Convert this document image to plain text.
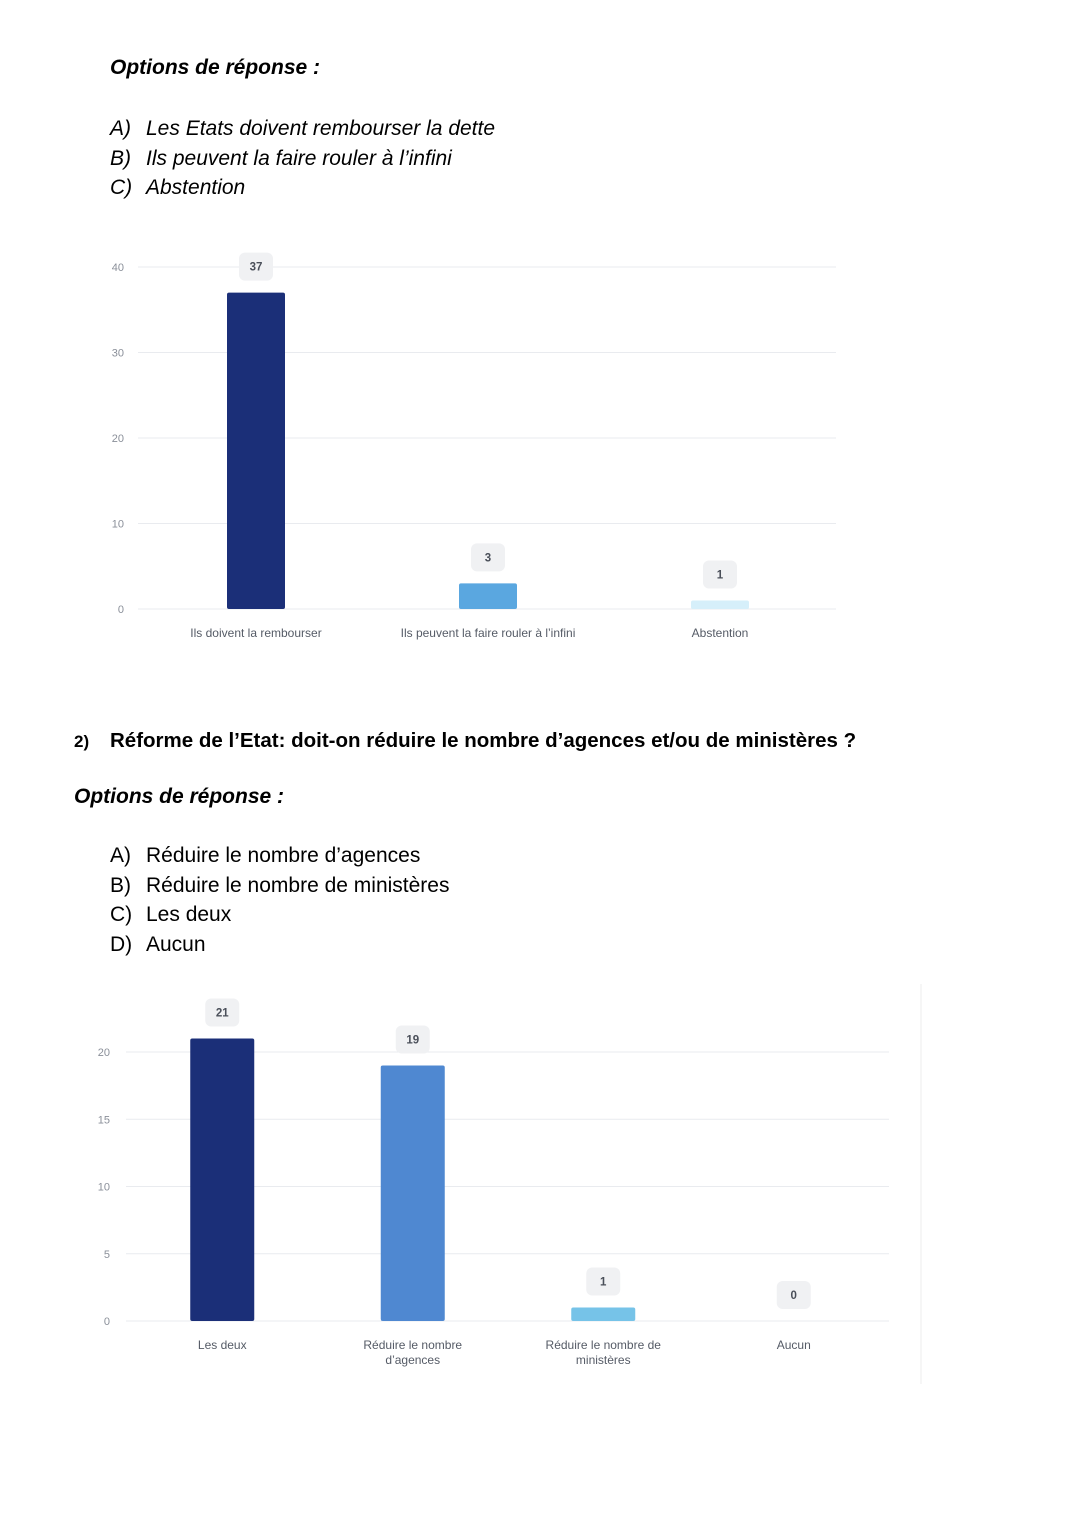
Options de réponse :

A) Les Etats doivent rembourser la dette
B) Ils peuvent la faire rouler à l’infini
C) Abstention
0
10
20
30
40	37
Ils doivent la rembourser
3
Ils peuvent la faire rouler à l’infini
1
Abstention

2) Réforme de l’Etat: doit-on réduire le nombre d’agences et/ou de ministères ?

Options de réponse :

A) Réduire le nombre d’agences
B) Réduire le nombre de ministères
C) Les deux
D) Aucun
0
5
10
15
20
21
Les deux
19
Réduire le nombre d’agences
1
Réduire le nombre de ministères
0
Aucun
